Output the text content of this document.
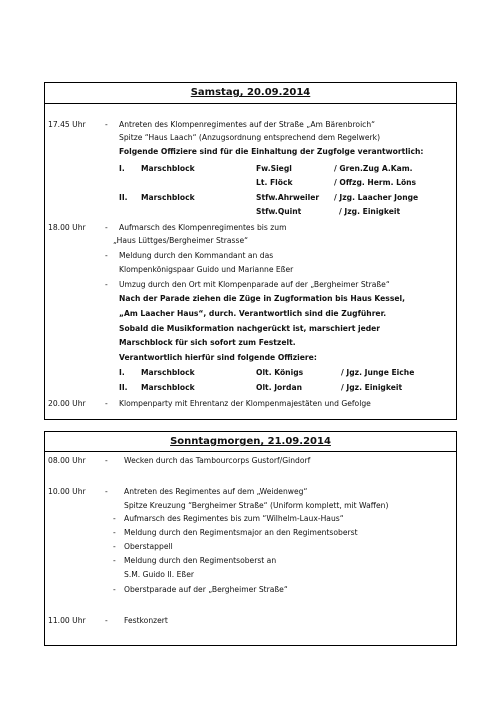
Samstag, 20.09.2014
17.45 Uhr	- Antreten des Klompenregimentes auf der Straße „Am Bärenbroich“
Spitze “Haus Laach“ (Anzugsordnung entsprechend dem Regelwerk)
Folgende Offiziere sind für die Einhaltung der Zugfolge verantwortlich:
I. Marschblock	Fw.Siegl	/ Gren.Zug A.Kam.
Lt. Flöck	/ Offzg. Herm. Löns
II. Marschblock	Stfw.Ahrweiler / Jzg. Laacher Jonge
Stfw.Quint	/ Jzg. Einigkeit
18.00 Uhr	- Aufmarsch des Klompenregimentes bis zum
„Haus Lüttges/Bergheimer Strasse“
- Meldung durch den Kommandant an das
Klompenkönigspaar Guido und Marianne Eßer
- Umzug durch den Ort mit Klompenparade auf der „Bergheimer Straße“
Nach der Parade ziehen die Züge in Zugformation bis Haus Kessel,
„Am Laacher Haus“, durch. Verantwortlich sind die Zugführer.
Sobald die Musikformation nachgerückt ist, marschiert jeder
Marschblock für sich sofort zum Festzelt.
Verantwortlich hierfür sind folgende Offiziere:
I. Marschblock	Olt. Königs	/ Jgz. Junge Eiche
II. Marschblock	Olt. Jordan	/ Jgz. Einigkeit
20.00 Uhr	- Klompenparty mit Ehrentanz der Klompenmajestäten und Gefolge
Sonntagmorgen, 21.09.2014
08.00 Uhr	- Wecken durch das Tambourcorps Gustorf/Gindorf
10.00 Uhr	- Antreten des Regimentes auf dem „Weidenweg“
Spitze Kreuzung “Bergheimer Straße“ (Uniform komplett, mit Waffen)
- Aufmarsch des Regimentes bis zum “Wilhelm-Laux-Haus“
- Meldung durch den Regimentsmajor an den Regimentsoberst
- Oberstappell
- Meldung durch den Regimentsoberst an
S.M. Guido II. Eßer
- Oberstparade auf der „Bergheimer Straße“
11.00 Uhr	- Festkonzert
